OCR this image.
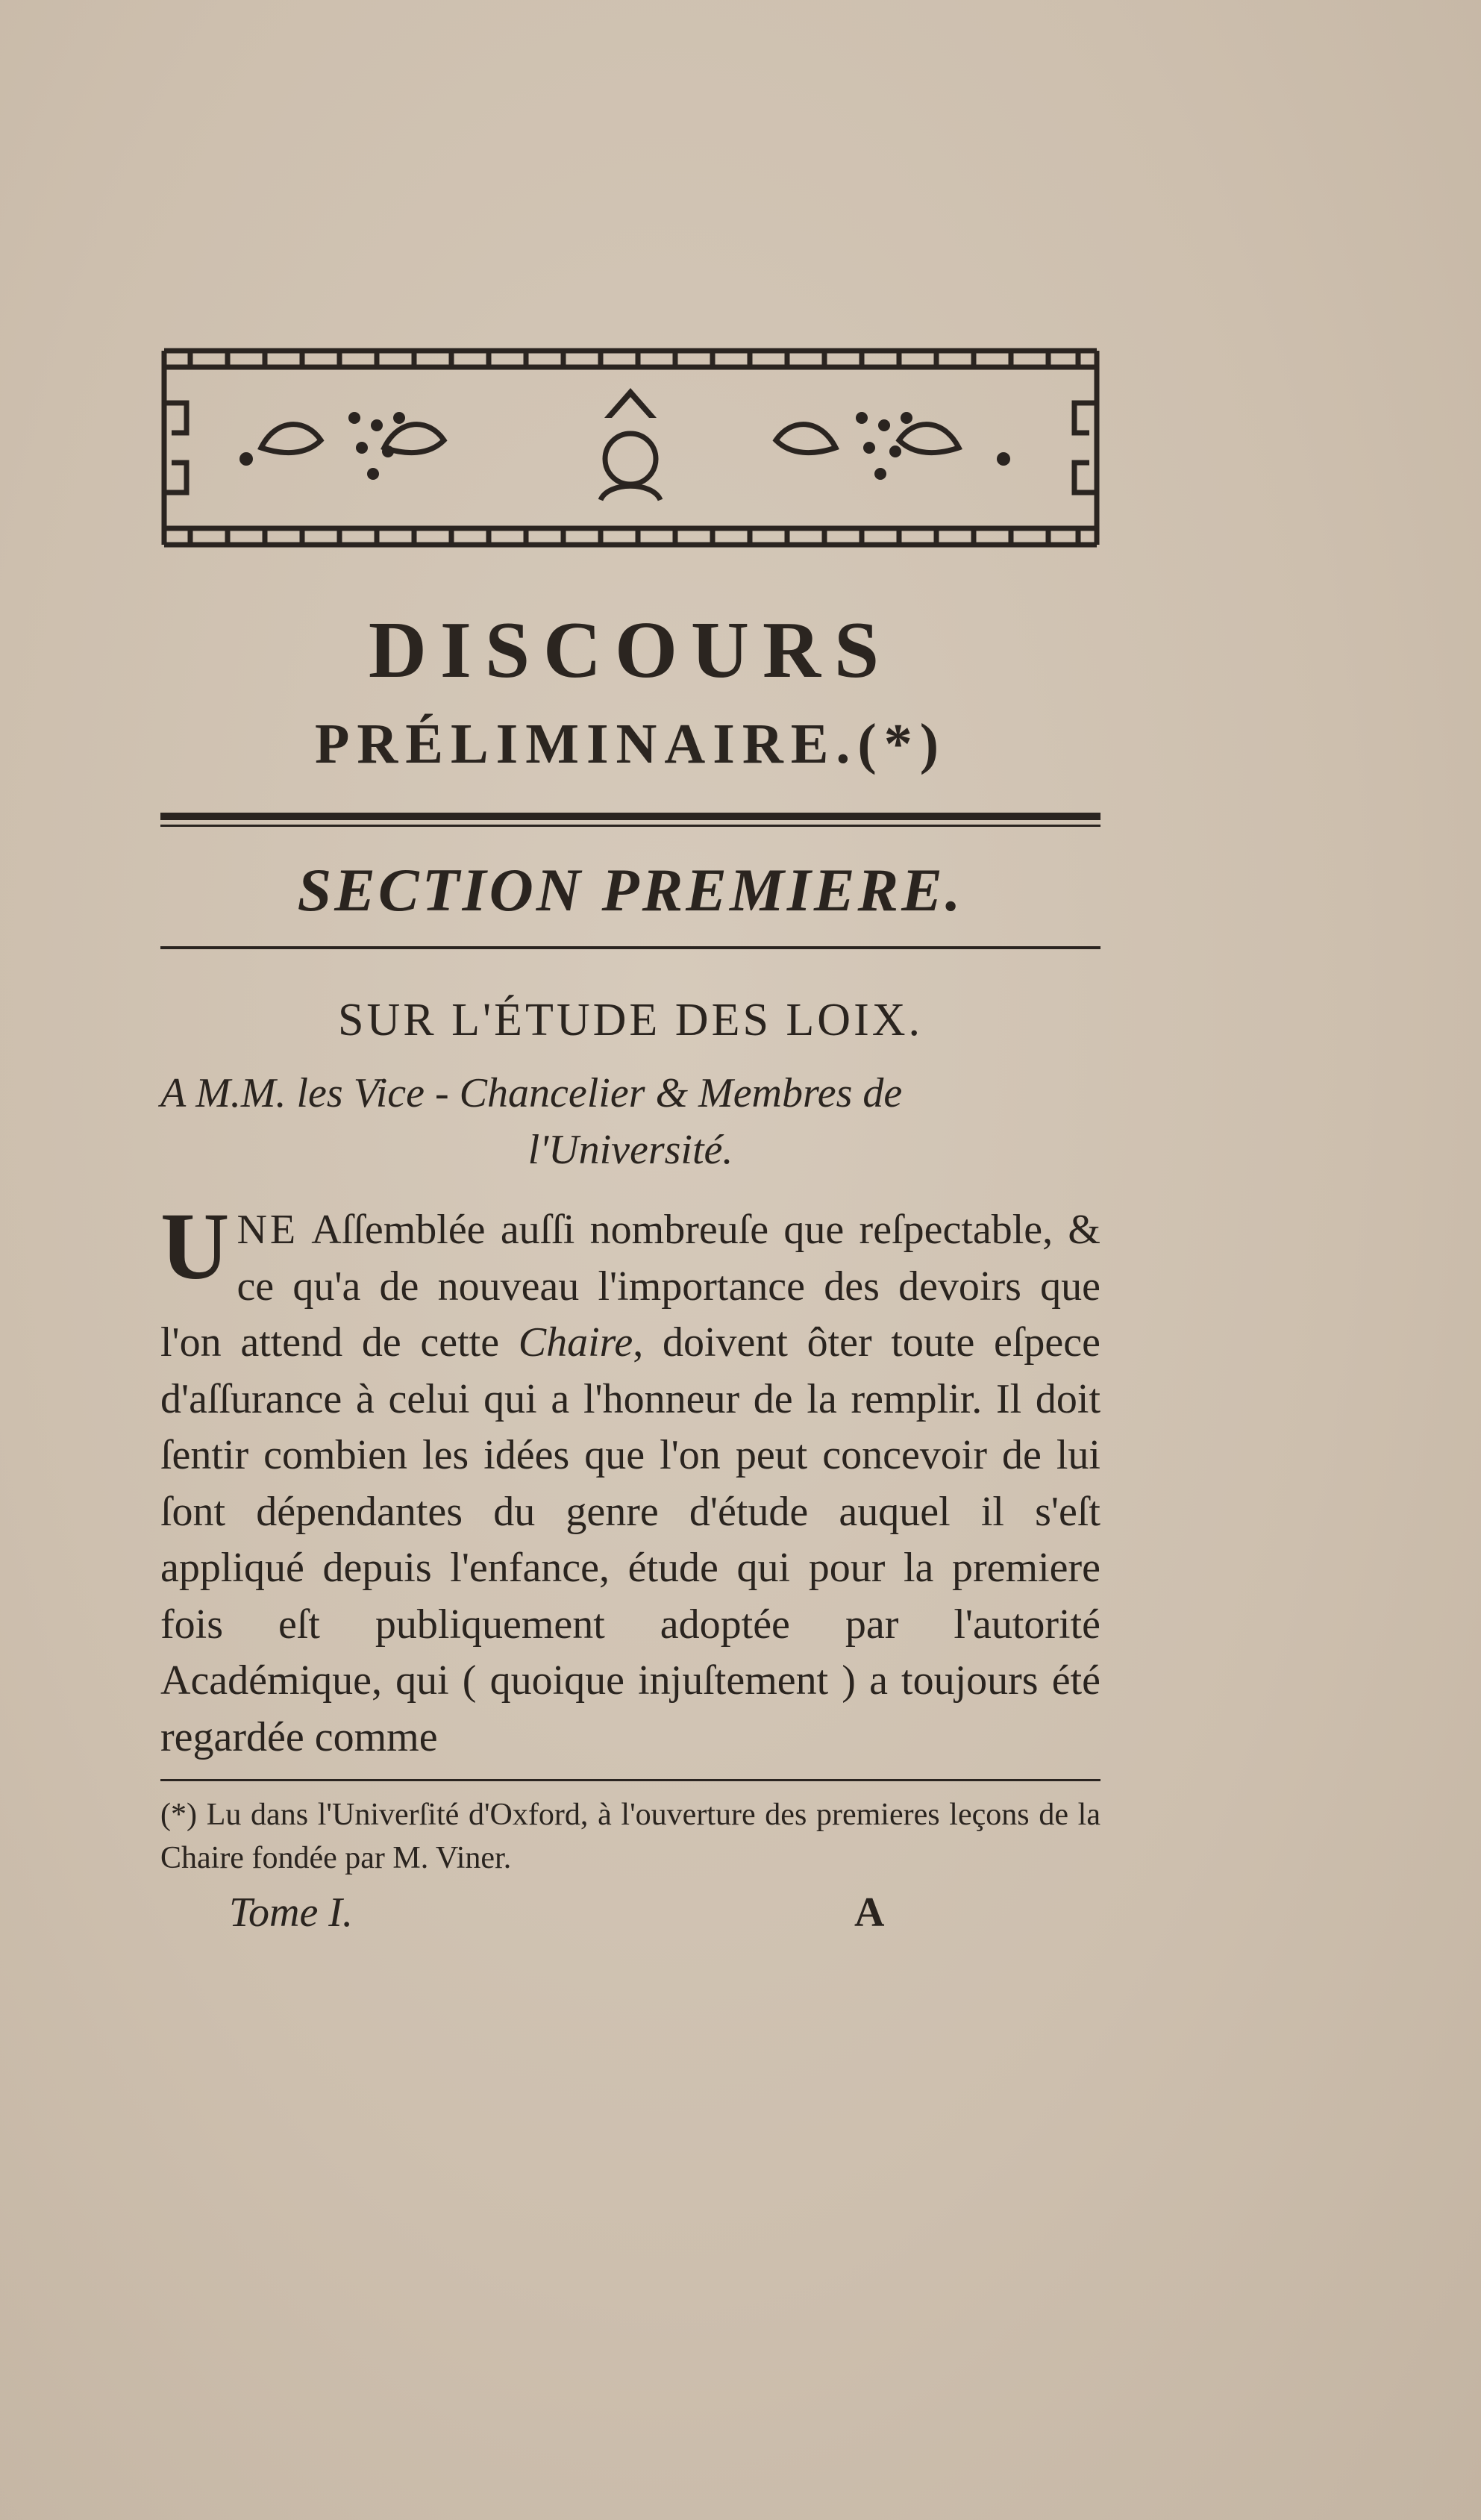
DISCOURS
PRÉLIMINAIRE.(*)
SECTION PREMIERE.
SUR L'ÉTUDE DES LOIX.
A M.M. les Vice - Chancelier & Membres de
l'Université.

UNE Aſſemblée auſſi nombreuſe que reſpectable, & ce qu'a de nouveau l'importance des devoirs que l'on attend de cette Chaire, doivent ôter toute eſpece d'aſſurance à celui qui a l'honneur de la remplir. Il doit ſentir combien les idées que l'on peut concevoir de lui ſont dépendantes du genre d'étude auquel il s'eſt appliqué depuis l'enfance, étude qui pour la premiere fois eſt publiquement adoptée par l'autorité Académique, qui ( quoique injuſtement ) a toujours été regardée comme

(*) Lu dans l'Univerſité d'Oxford, à l'ouverture des premieres leçons de la Chaire fondée par M. Viner.
Tome I.	A
